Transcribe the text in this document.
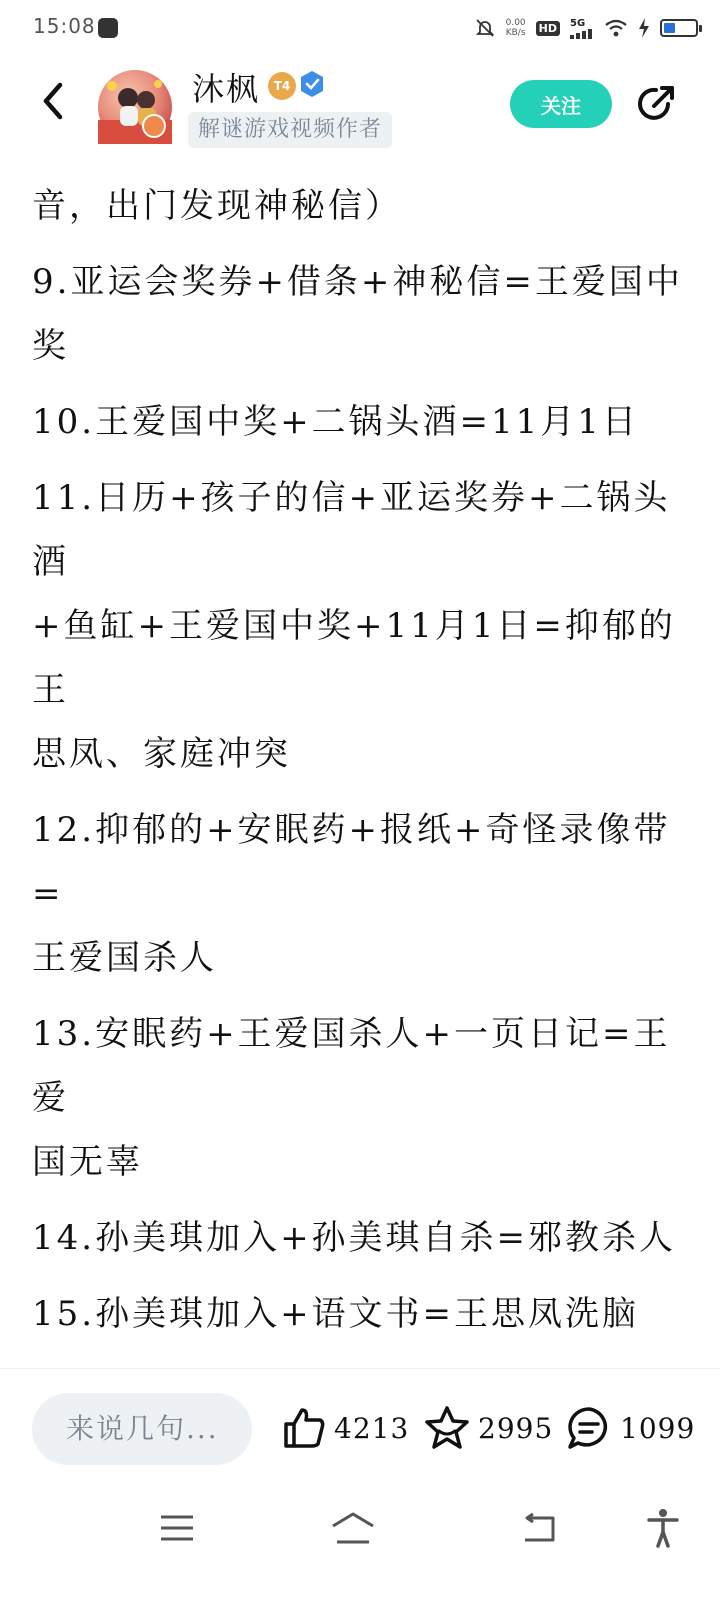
15:08	0.00
KB/s HD	5G
沐枫	T4
解谜游戏视频作者
关注
音，出门发现神秘信）
9.亚运会奖券+借条+神秘信=王爱国中
奖
10.王爱国中奖+二锅头酒=11月1日
11.日历+孩子的信+亚运奖券+二锅头酒
+鱼缸+王爱国中奖+11月1日=抑郁的王
思凤、家庭冲突
12.抑郁的+安眠药+报纸+奇怪录像带=
王爱国杀人
13.安眠药+王爱国杀人+一页日记=王爱
国无辜
14.孙美琪加入+孙美琪自杀=邪教杀人
15.孙美琪加入+语文书=王思凤洗脑
来说几句...	4213 2995 1099
